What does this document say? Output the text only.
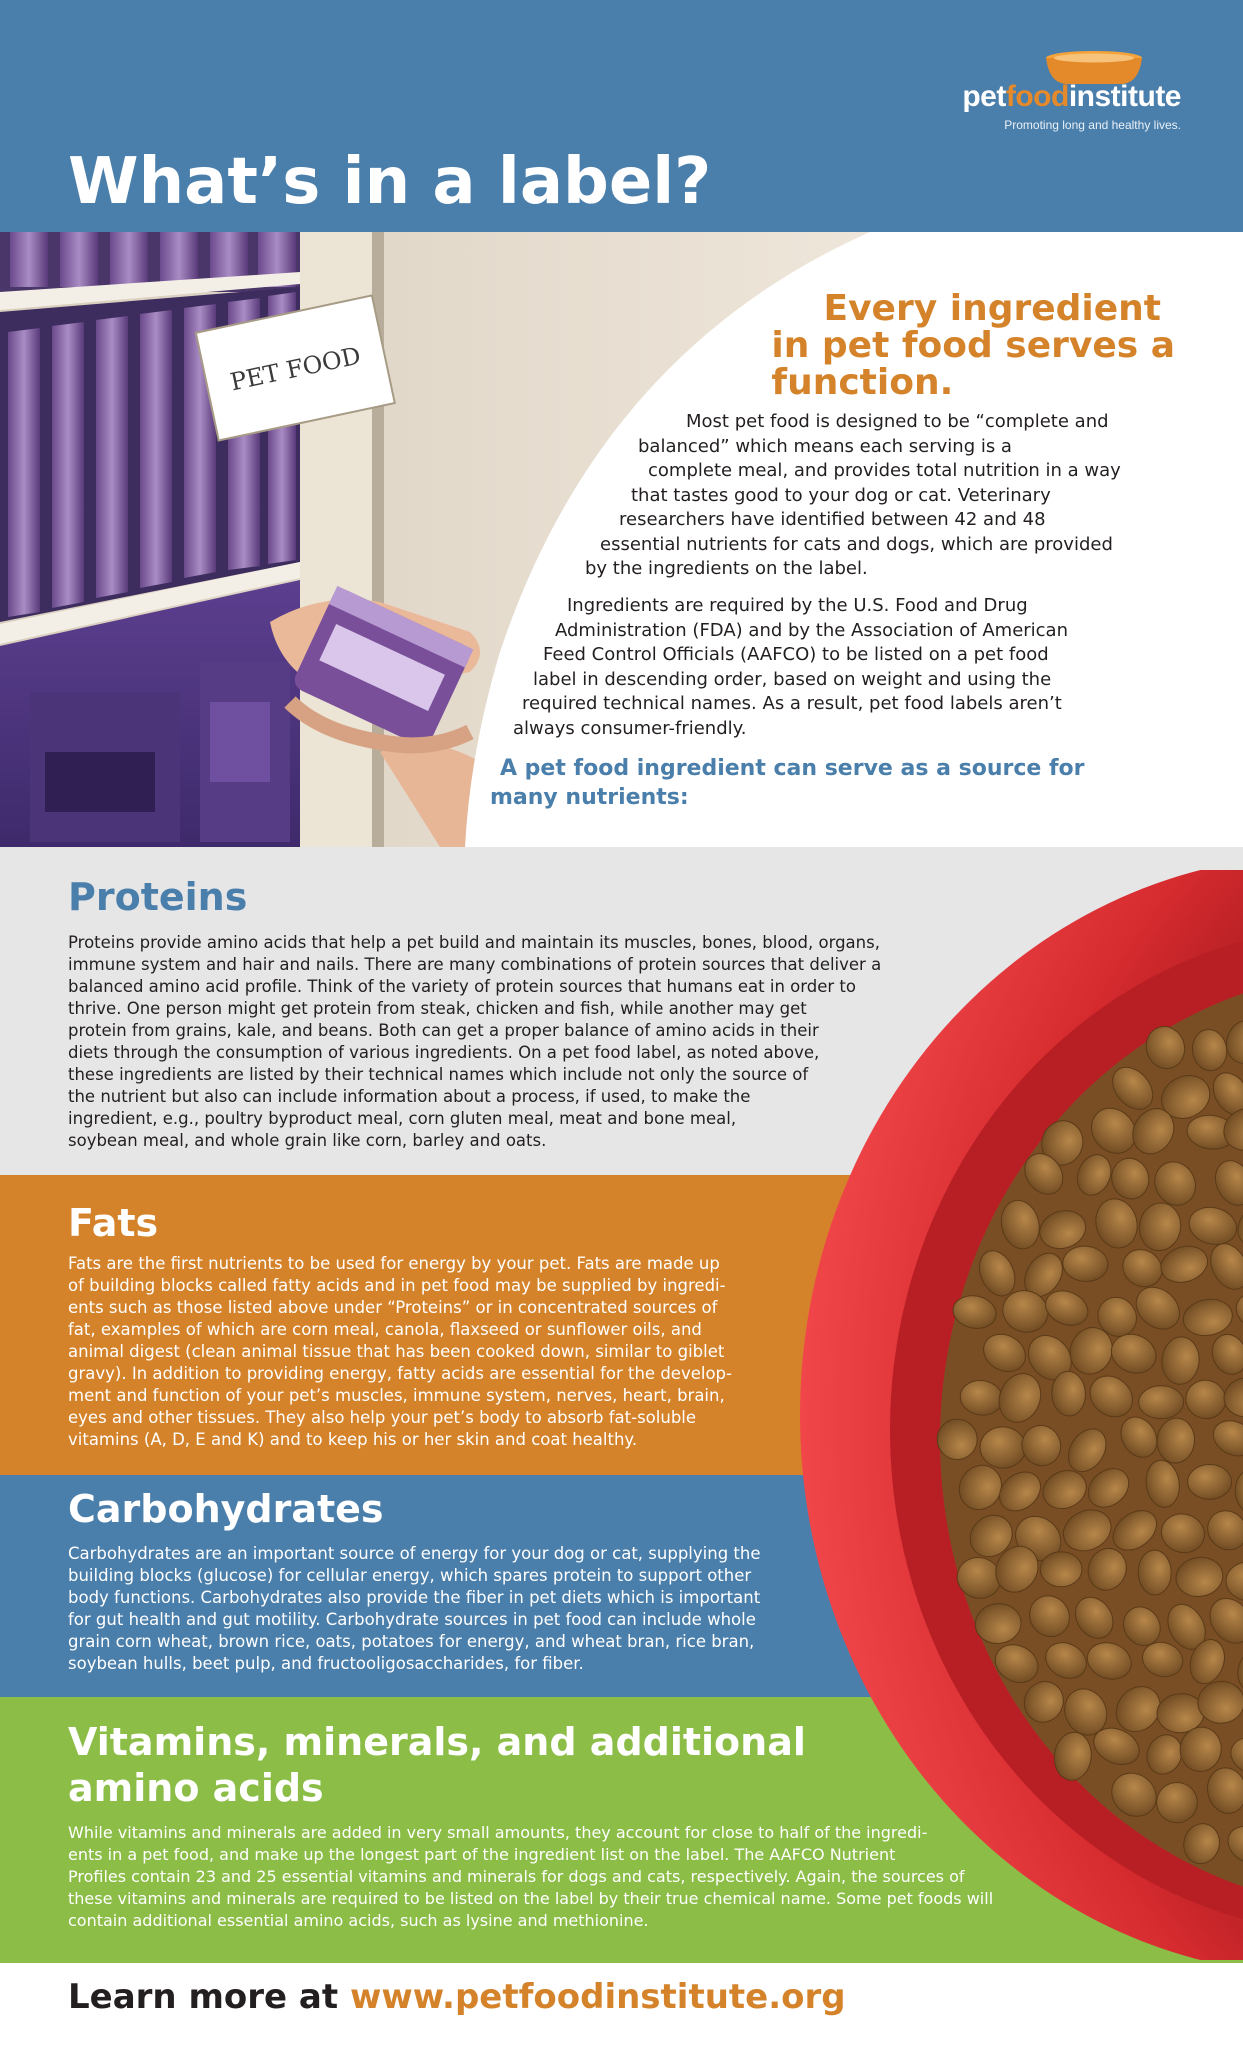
petfoodinstitute
Promoting long and healthy lives.
What’s in a label?
PET FOOD
Every ingredient
in pet food serves a
function.
Most pet food is designed to be “complete and
balanced” which means each serving is a
complete meal, and provides total nutrition in a way
that tastes good to your dog or cat. Veterinary
researchers have identified between 42 and 48
essential nutrients for cats and dogs, which are provided
by the ingredients on the label.
Ingredients are required by the U.S. Food and Drug
Administration (FDA) and by the Association of American
Feed Control Officials (AAFCO) to be listed on a pet food
label in descending order, based on weight and using the
required technical names. As a result, pet food labels aren’t
always consumer-friendly.
A pet food ingredient can serve as a source for
many nutrients:
Proteins
Proteins provide amino acids that help a pet build and maintain its muscles, bones, blood, organs,
immune system and hair and nails. There are many combinations of protein sources that deliver a
balanced amino acid profile. Think of the variety of protein sources that humans eat in order to
thrive. One person might get protein from steak, chicken and fish, while another may get
protein from grains, kale, and beans. Both can get a proper balance of amino acids in their
diets through the consumption of various ingredients. On a pet food label, as noted above,
these ingredients are listed by their technical names which include not only the source of
the nutrient but also can include information about a process, if used, to make the
ingredient, e.g., poultry byproduct meal, corn gluten meal, meat and bone meal,
soybean meal, and whole grain like corn, barley and oats.
Fats
Fats are the first nutrients to be used for energy by your pet. Fats are made up
of building blocks called fatty acids and in pet food may be supplied by ingredi-
ents such as those listed above under “Proteins” or in concentrated sources of
fat, examples of which are corn meal, canola, flaxseed or sunflower oils, and
animal digest (clean animal tissue that has been cooked down, similar to giblet
gravy). In addition to providing energy, fatty acids are essential for the develop-
ment and function of your pet’s muscles, immune system, nerves, heart, brain,
eyes and other tissues. They also help your pet’s body to absorb fat-soluble
vitamins (A, D, E and K) and to keep his or her skin and coat healthy.
Carbohydrates
Carbohydrates are an important source of energy for your dog or cat, supplying the
building blocks (glucose) for cellular energy, which spares protein to support other
body functions. Carbohydrates also provide the fiber in pet diets which is important
for gut health and gut motility. Carbohydrate sources in pet food can include whole
grain corn wheat, brown rice, oats, potatoes for energy, and wheat bran, rice bran,
soybean hulls, beet pulp, and fructooligosaccharides, for fiber.
Vitamins, minerals, and additional
amino acids
While vitamins and minerals are added in very small amounts, they account for close to half of the ingredi-
ents in a pet food, and make up the longest part of the ingredient list on the label. The AAFCO Nutrient
Profiles contain 23 and 25 essential vitamins and minerals for dogs and cats, respectively. Again, the sources of
these vitamins and minerals are required to be listed on the label by their true chemical name. Some pet foods will
contain additional essential amino acids, such as lysine and methionine.
Learn more at www.petfoodinstitute.org
